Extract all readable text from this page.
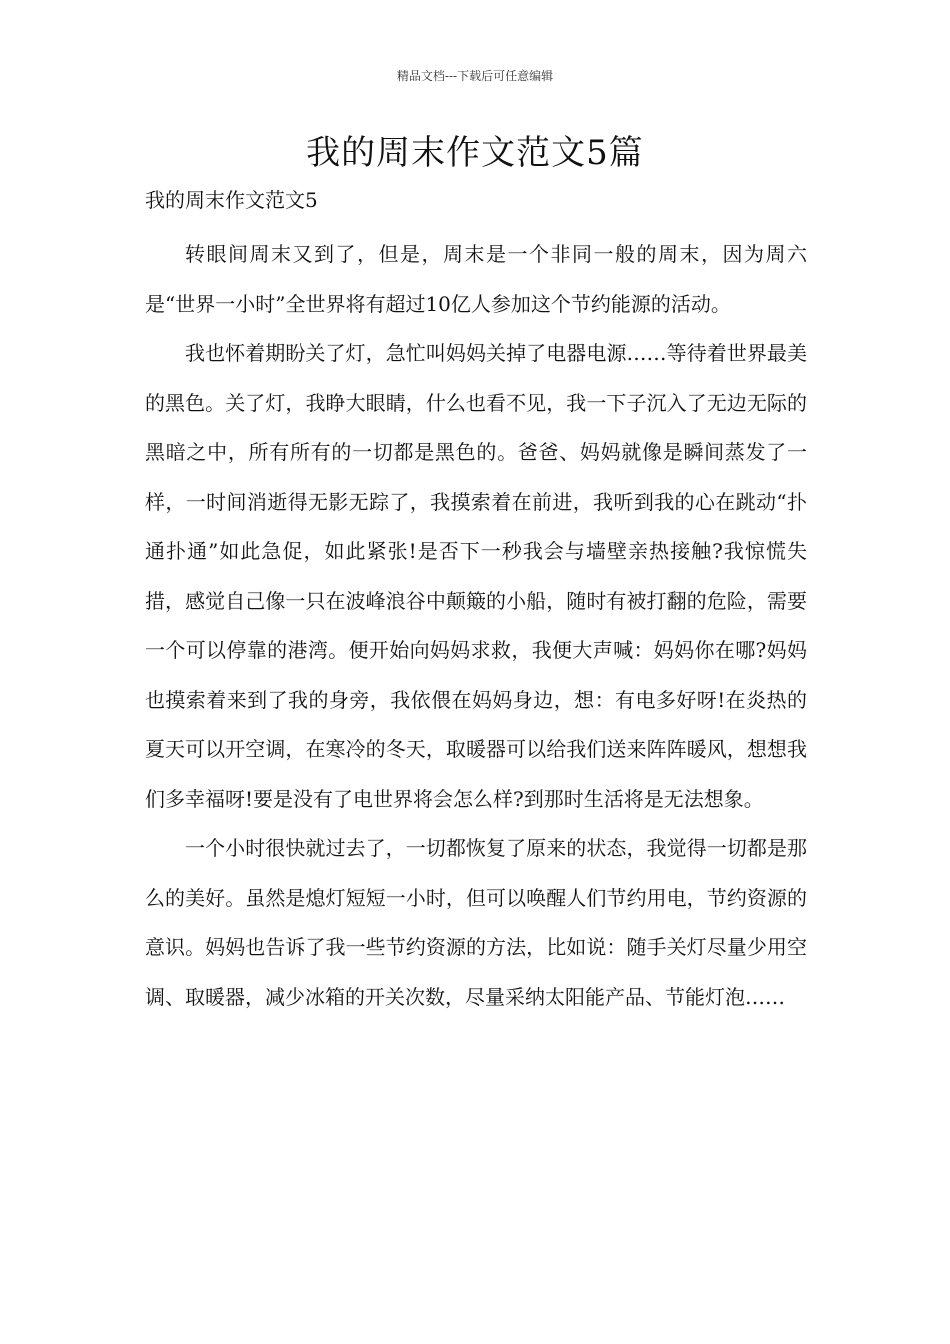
精品文档---下载后可任意编辑
我的周末作文范文5篇

我的周末作文范文5

转眼间周末又到了，但是，周末是一个非同一般的周末，因为周六是“世界一小时”全世界将有超过10亿人参加这个节约能源的活动。

我也怀着期盼关了灯，急忙叫妈妈关掉了电器电源……等待着世界最美的黑色。关了灯，我睁大眼睛，什么也看不见，我一下子沉入了无边无际的黑暗之中，所有所有的一切都是黑色的。爸爸、妈妈就像是瞬间蒸发了一样，一时间消逝得无影无踪了，我摸索着在前进，我听到我的心在跳动“扑通扑通”如此急促，如此紧张!是否下一秒我会与墙壁亲热接触?我惊慌失措，感觉自己像一只在波峰浪谷中颠簸的小船，随时有被打翻的危险，需要一个可以停靠的港湾。便开始向妈妈求救，我便大声喊：妈妈你在哪?妈妈也摸索着来到了我的身旁，我依偎在妈妈身边，想：有电多好呀!在炎热的夏天可以开空调，在寒冷的冬天，取暖器可以给我们送来阵阵暖风，想想我们多幸福呀!要是没有了电世界将会怎么样?到那时生活将是无法想象。

一个小时很快就过去了，一切都恢复了原来的状态，我觉得一切都是那么的美好。虽然是熄灯短短一小时，但可以唤醒人们节约用电，节约资源的意识。妈妈也告诉了我一些节约资源的方法，比如说：随手关灯尽量少用空调、取暖器，减少冰箱的开关次数，尽量采纳太阳能产品、节能灯泡……
